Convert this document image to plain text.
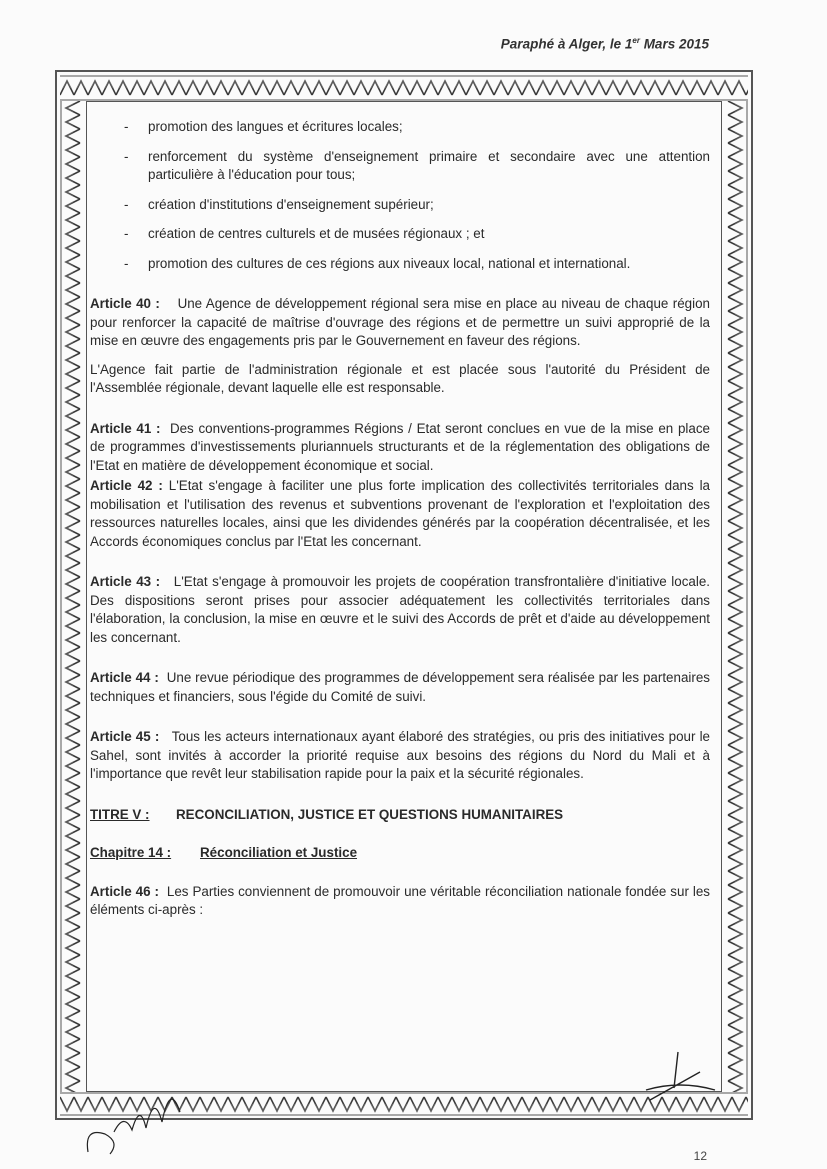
Paraphé à Alger, le 1er Mars 2015
- promotion des langues et écritures locales;
- renforcement du système d'enseignement primaire et secondaire avec une attention particulière à l'éducation pour tous;
- création d'institutions d'enseignement supérieur;
- création de centres culturels et de musées régionaux ; et
- promotion des cultures de ces régions aux niveaux local, national et international.

Article 40 : Une Agence de développement régional sera mise en place au niveau de chaque région pour renforcer la capacité de maîtrise d'ouvrage des régions et de permettre un suivi approprié de la mise en œuvre des engagements pris par le Gouvernement en faveur des régions.

L'Agence fait partie de l'administration régionale et est placée sous l'autorité du Président de l'Assemblée régionale, devant laquelle elle est responsable.

Article 41 : Des conventions-programmes Régions / Etat seront conclues en vue de la mise en place de programmes d'investissements pluriannuels structurants et de la réglementation des obligations de l'Etat en matière de développement économique et social.

Article 42 : L'Etat s'engage à faciliter une plus forte implication des collectivités territoriales dans la mobilisation et l'utilisation des revenus et subventions provenant de l'exploration et l'exploitation des ressources naturelles locales, ainsi que les dividendes générés par la coopération décentralisée, et les Accords économiques conclus par l'Etat les concernant.

Article 43 : L'Etat s'engage à promouvoir les projets de coopération transfrontalière d'initiative locale. Des dispositions seront prises pour associer adéquatement les collectivités territoriales dans l'élaboration, la conclusion, la mise en œuvre et le suivi des Accords de prêt et d'aide au développement les concernant.

Article 44 : Une revue périodique des programmes de développement sera réalisée par les partenaires techniques et financiers, sous l'égide du Comité de suivi.

Article 45 : Tous les acteurs internationaux ayant élaboré des stratégies, ou pris des initiatives pour le Sahel, sont invités à accorder la priorité requise aux besoins des régions du Nord du Mali et à l'importance que revêt leur stabilisation rapide pour la paix et la sécurité régionales.

TITRE V : RECONCILIATION, JUSTICE ET QUESTIONS HUMANITAIRES
Chapitre 14 : Réconciliation et Justice

Article 46 : Les Parties conviennent de promouvoir une véritable réconciliation nationale fondée sur les éléments ci-après :

12
